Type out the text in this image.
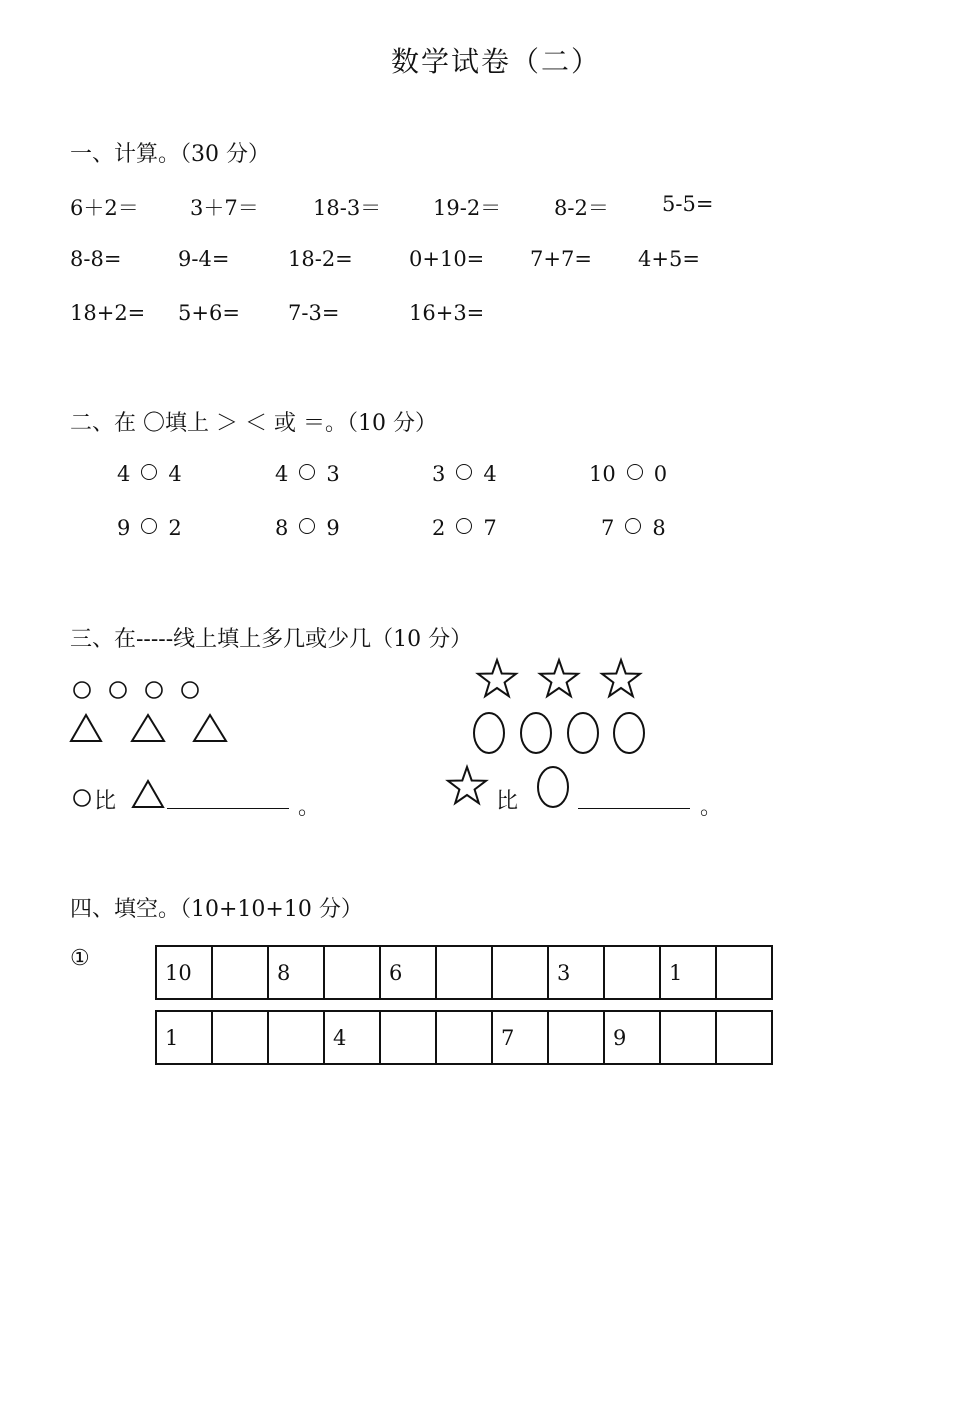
数学试卷（二）
一、计算。（30 分）
6＋2＝ 3＋7＝	18-3＝ 19-2＝	8-2＝	5-5=
8-8=	9-4=	18-2=	0+10= 7+7= 4+5=
18+2= 5+6= 7-3=	16+3=
二、在 〇填上 ＞ ＜ 或 ＝。（10 分）
4 4	4 3	3 4	10 0
9 2	8 9	2 7	7 8
三、在-----线上填上多几或少几（10 分）
比	。	比	。
四、填空。（10+10+10 分）
①
10		8		6			3		1	
1			4			7		9		
